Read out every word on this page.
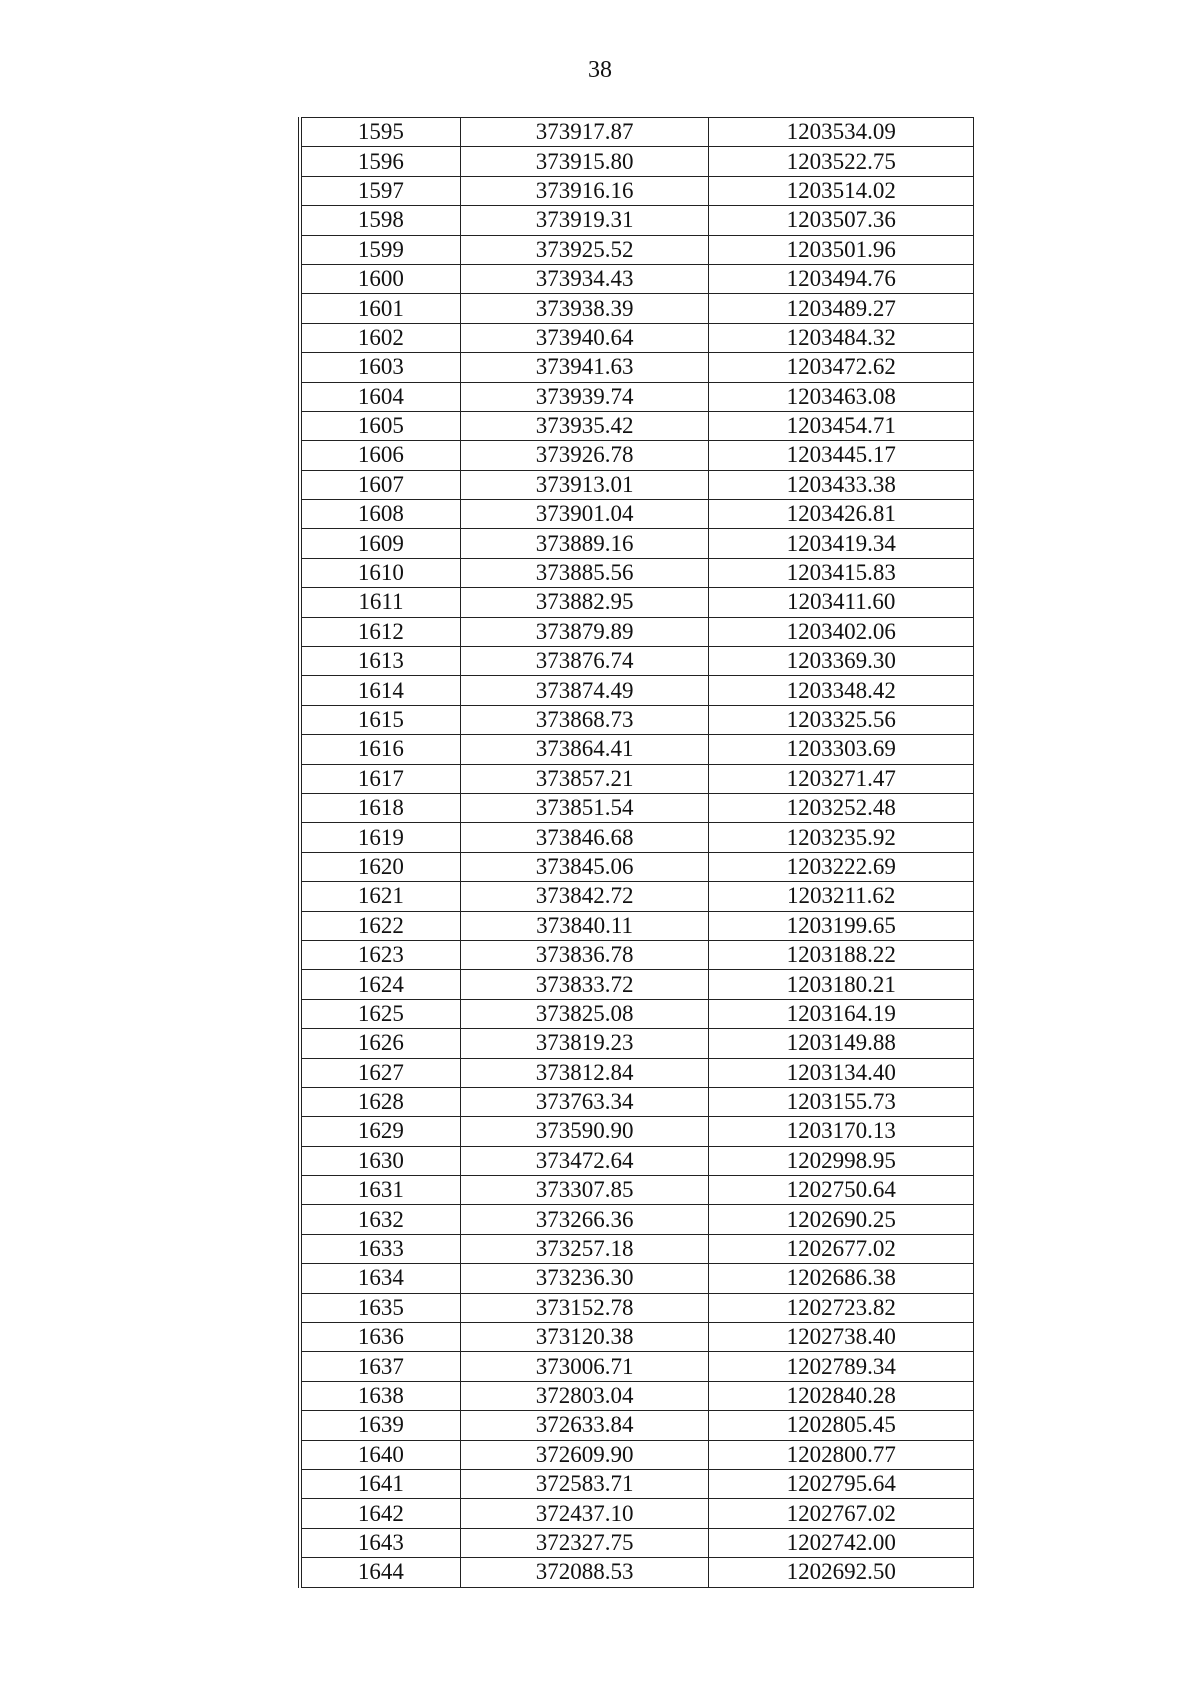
38
1595	373917.87	1203534.09
1596	373915.80	1203522.75
1597	373916.16	1203514.02
1598	373919.31	1203507.36
1599	373925.52	1203501.96
1600	373934.43	1203494.76
1601	373938.39	1203489.27
1602	373940.64	1203484.32
1603	373941.63	1203472.62
1604	373939.74	1203463.08
1605	373935.42	1203454.71
1606	373926.78	1203445.17
1607	373913.01	1203433.38
1608	373901.04	1203426.81
1609	373889.16	1203419.34
1610	373885.56	1203415.83
1611	373882.95	1203411.60
1612	373879.89	1203402.06
1613	373876.74	1203369.30
1614	373874.49	1203348.42
1615	373868.73	1203325.56
1616	373864.41	1203303.69
1617	373857.21	1203271.47
1618	373851.54	1203252.48
1619	373846.68	1203235.92
1620	373845.06	1203222.69
1621	373842.72	1203211.62
1622	373840.11	1203199.65
1623	373836.78	1203188.22
1624	373833.72	1203180.21
1625	373825.08	1203164.19
1626	373819.23	1203149.88
1627	373812.84	1203134.40
1628	373763.34	1203155.73
1629	373590.90	1203170.13
1630	373472.64	1202998.95
1631	373307.85	1202750.64
1632	373266.36	1202690.25
1633	373257.18	1202677.02
1634	373236.30	1202686.38
1635	373152.78	1202723.82
1636	373120.38	1202738.40
1637	373006.71	1202789.34
1638	372803.04	1202840.28
1639	372633.84	1202805.45
1640	372609.90	1202800.77
1641	372583.71	1202795.64
1642	372437.10	1202767.02
1643	372327.75	1202742.00
1644	372088.53	1202692.50
